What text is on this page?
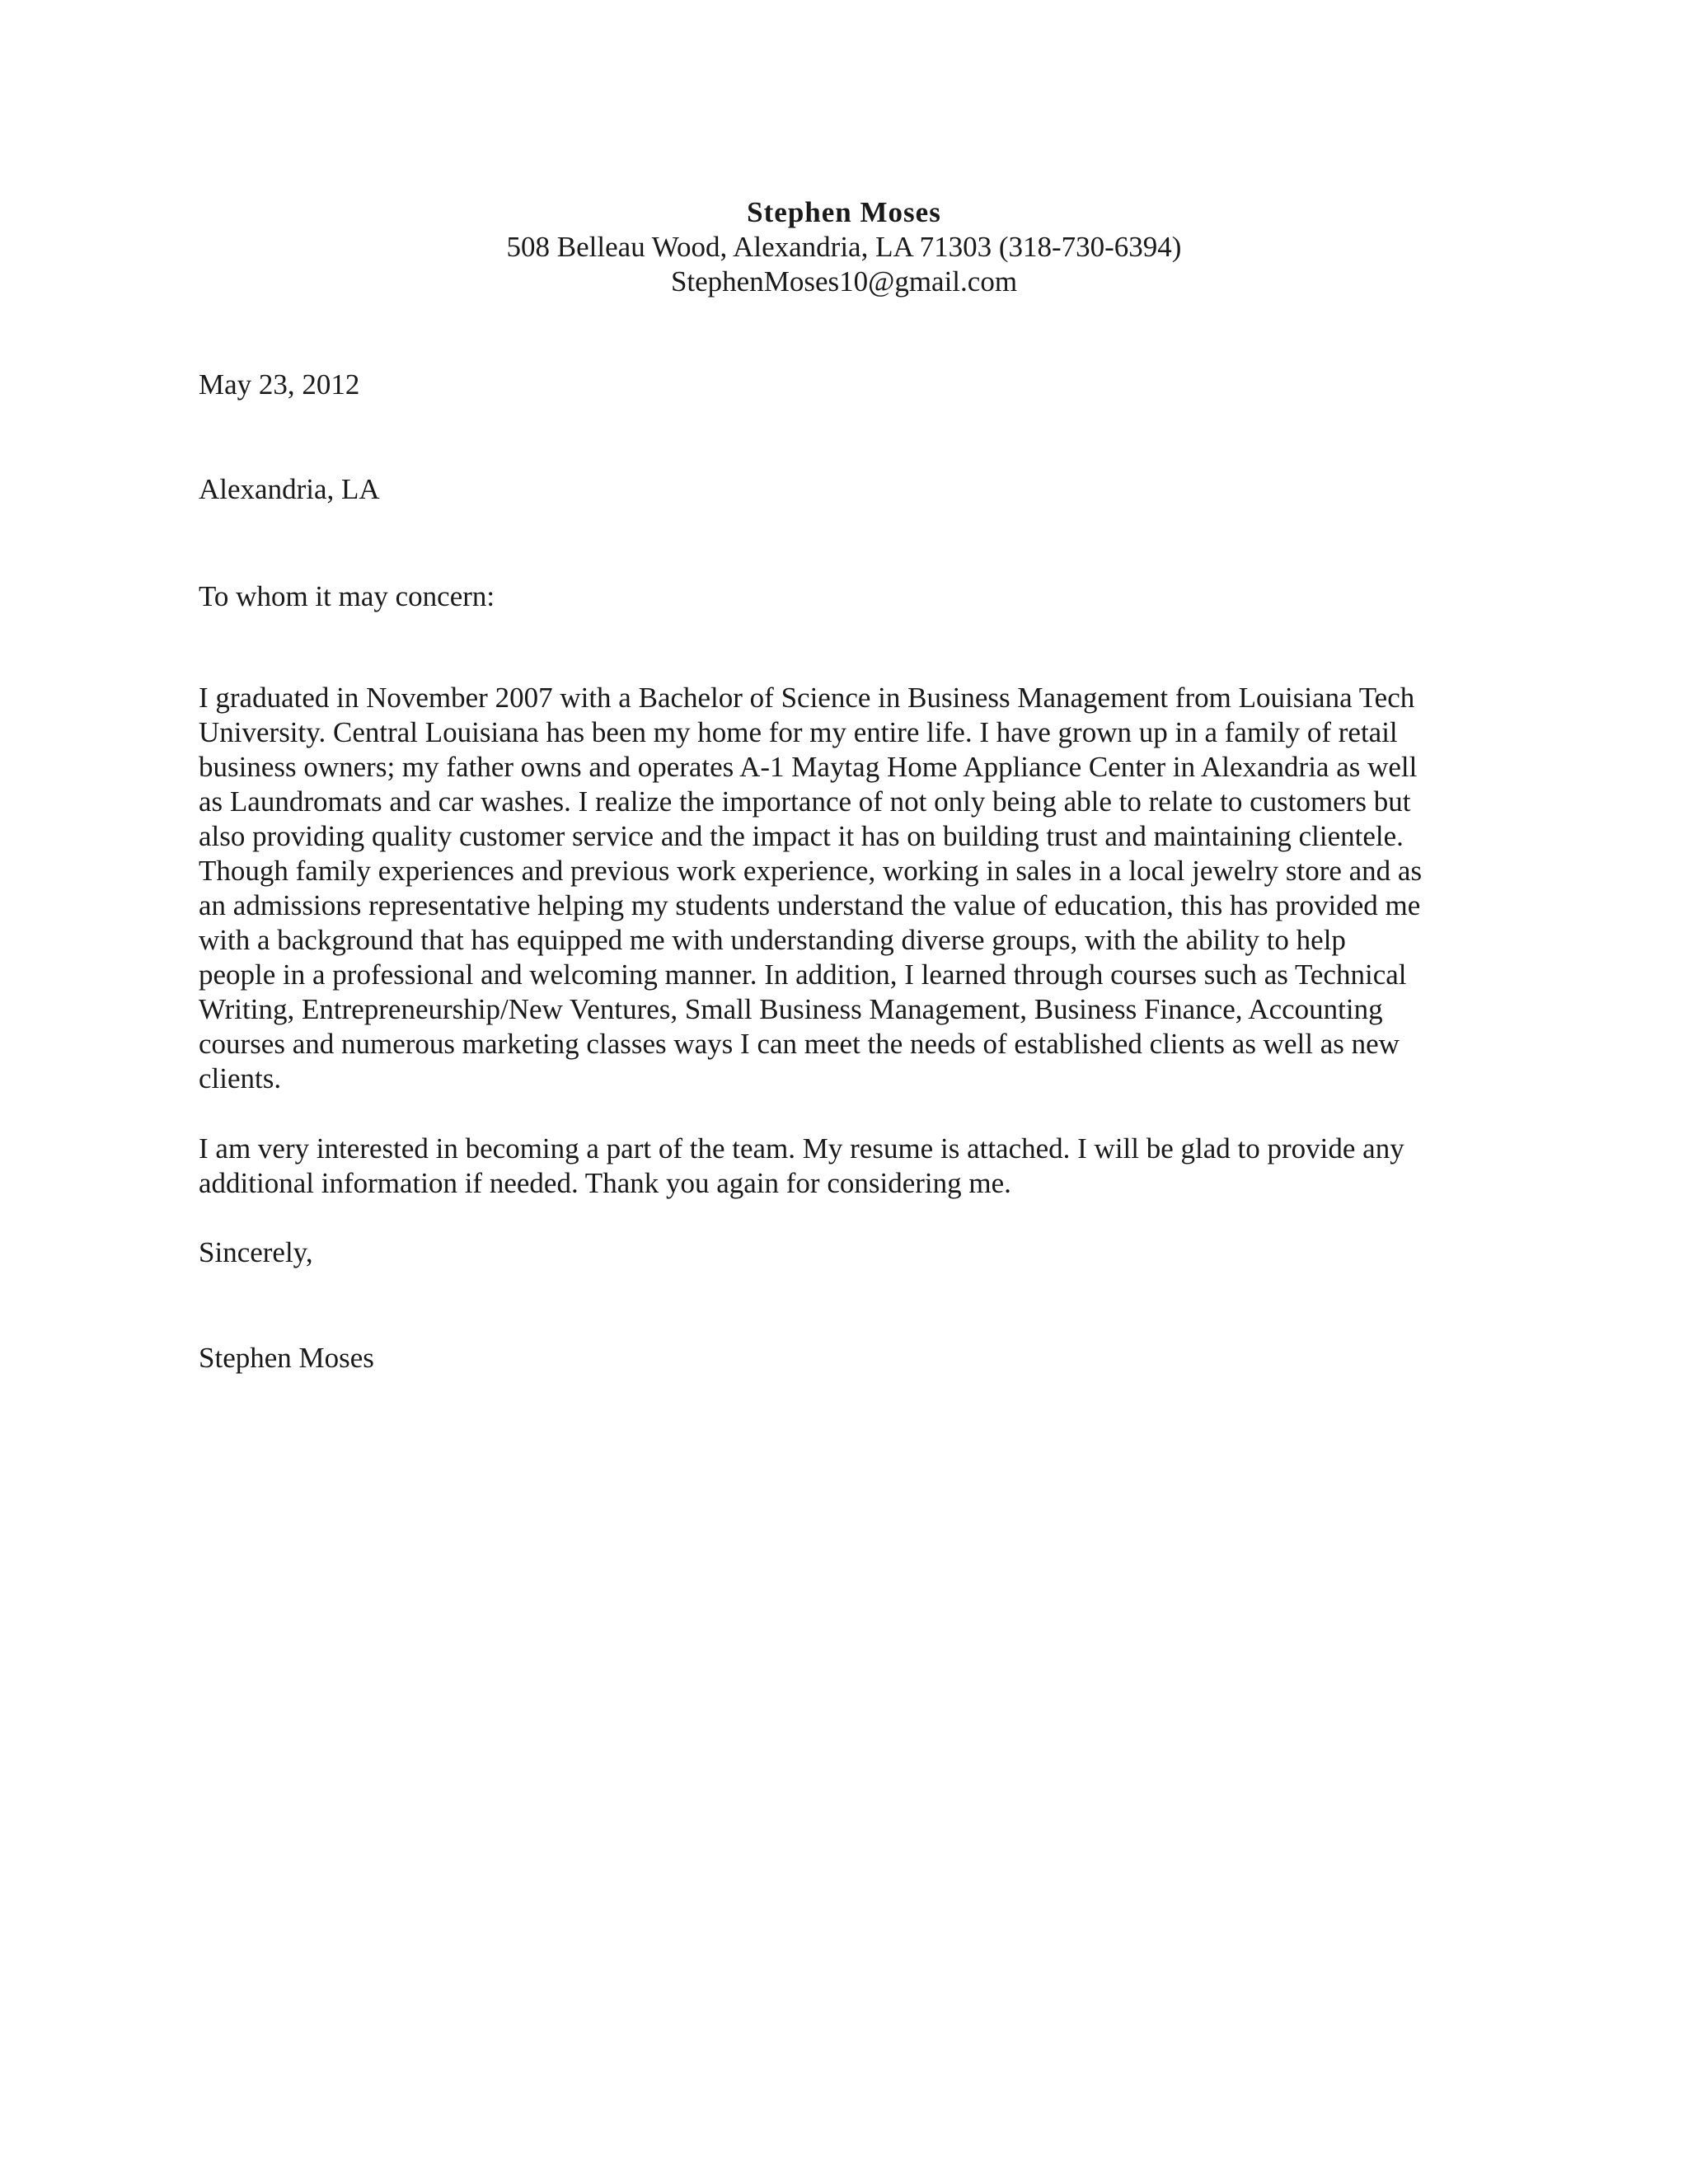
Stephen Moses
508 Belleau Wood, Alexandria, LA 71303 (318-730-6394)
StephenMoses10@gmail.com
May 23, 2012
Alexandria, LA
To whom it may concern:
I graduated in November 2007 with a Bachelor of Science in Business Management from Louisiana Tech
University. Central Louisiana has been my home for my entire life. I have grown up in a family of retail
business owners; my father owns and operates A-1 Maytag Home Appliance Center in Alexandria as well
as Laundromats and car washes. I realize the importance of not only being able to relate to customers but
also providing quality customer service and the impact it has on building trust and maintaining clientele.
Though family experiences and previous work experience, working in sales in a local jewelry store and as
an admissions representative helping my students understand the value of education, this has provided me
with a background that has equipped me with understanding diverse groups, with the ability to help
people in a professional and welcoming manner. In addition, I learned through courses such as Technical
Writing, Entrepreneurship/New Ventures, Small Business Management, Business Finance, Accounting
courses and numerous marketing classes ways I can meet the needs of established clients as well as new
clients.
I am very interested in becoming a part of the team. My resume is attached. I will be glad to provide any
additional information if needed. Thank you again for considering me.
Sincerely,
Stephen Moses
